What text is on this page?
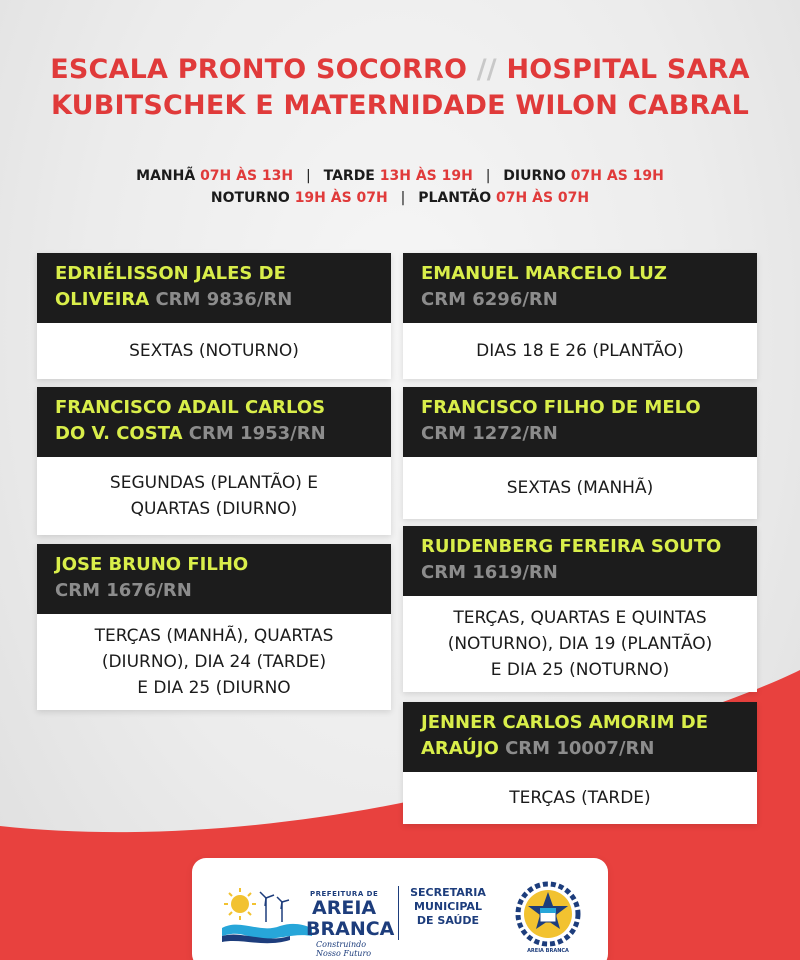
ESCALA PRONTO SOCORRO // HOSPITAL SARA
KUBITSCHEK E MATERNIDADE WILON CABRAL
MANHÃ 07H ÀS 13H | TARDE 13H ÀS 19H | DIURNO 07H AS 19H
NOTURNO 19H ÀS 07H | PLANTÃO 07H ÀS 07H
EDRIÉLISSON JALES DE
OLIVEIRA CRM 9836/RN
SEXTAS (NOTURNO)
EMANUEL MARCELO LUZ
CRM 6296/RN
DIAS 18 E 26 (PLANTÃO)
FRANCISCO ADAIL CARLOS
DO V. COSTA CRM 1953/RN
SEGUNDAS (PLANTÃO) E
QUARTAS (DIURNO)
FRANCISCO FILHO DE MELO
CRM 1272/RN
SEXTAS (MANHÃ)
JOSE BRUNO FILHO
CRM 1676/RN
TERÇAS (MANHÃ), QUARTAS
(DIURNO), DIA 24 (TARDE)
E DIA 25 (DIURNO
RUIDENBERG FEREIRA SOUTO
CRM 1619/RN
TERÇAS, QUARTAS E QUINTAS
(NOTURNO), DIA 19 (PLANTÃO)
E DIA 25 (NOTURNO)
JENNER CARLOS AMORIM DE
ARAÚJO CRM 10007/RN
TERÇAS (TARDE)
PREFEITURA DE
AREIA
BRANCA
Construindo Nosso Futuro
SECRETARIA
MUNICIPAL
DE SAÚDE
AREIA BRANCA
